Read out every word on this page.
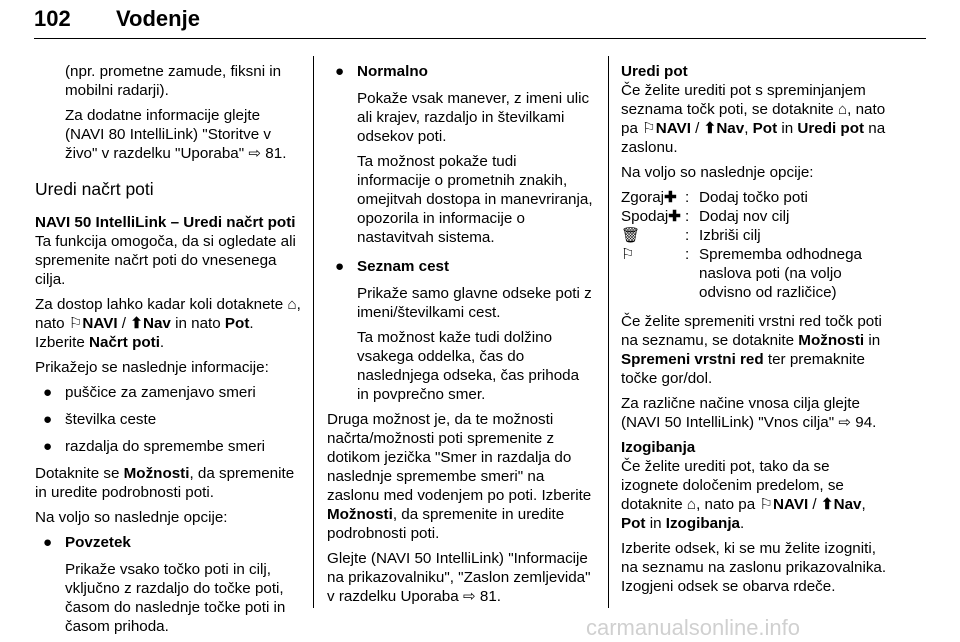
102 Vodenje

(npr. prometne zamude, fiksni in mobilni radarji).

Za dodatne informacije glejte (NAVI 80 IntelliLink) "Storitve v živo" v razdelku "Uporaba" ⇨ 81.

Uredi načrt poti
NAVI 50 IntelliLink – Uredi načrt poti

Ta funkcija omogoča, da si ogledate ali spremenite načrt poti do vnesenega cilja.

Za dostop lahko kadar koli dotaknete ⌂, nato ⚐NAVI / ⬆Nav in nato Pot. Izberite Načrt poti.

Prikažejo se naslednje informacije:

● puščice za zamenjavo smeri
● številka ceste
● razdalja do spremembe smeri

Dotaknite se Možnosti, da spremenite in uredite podrobnosti poti.

Na voljo so naslednje opcije:

● Povzetek

Prikaže vsako točko poti in cilj, vključno z razdaljo do točke poti, časom do naslednje točke poti in časom prihoda.

● Normalno

Pokaže vsak manever, z imeni ulic ali krajev, razdaljo in številkami odsekov poti.

Ta možnost pokaže tudi informacije o prometnih znakih, omejitvah dostopa in manevriranja, opozorila in informacije o nastavitvah sistema.

● Seznam cest

Prikaže samo glavne odseke poti z imeni/številkami cest.

Ta možnost kaže tudi dolžino vsakega oddelka, čas do naslednjega odseka, čas prihoda in povprečno smer.

Druga možnost je, da te možnosti načrta/možnosti poti spremenite z dotikom jezička "Smer in razdalja do naslednje spremembe smeri" na zaslonu med vodenjem po poti. Izberite Možnosti, da spremenite in uredite podrobnosti poti.

Glejte (NAVI 50 IntelliLink) "Informacije na prikazovalniku", "Zaslon zemljevida" v razdelku Uporaba ⇨ 81.

Uredi pot

Če želite urediti pot s spreminjanjem seznama točk poti, se dotaknite ⌂, nato pa ⚐NAVI / ⬆Nav, Pot in Uredi pot na zaslonu.

Na voljo so naslednje opcije:

Zgoraj✚ : Dodaj točko poti
Spodaj✚ : Dodaj nov cilj
🗑	: Izbriši cilj
⚐	: Sprememba odhodnega naslova poti (na voljo odvisno od različice)

Če želite spremeniti vrstni red točk poti na seznamu, se dotaknite Možnosti in Spremeni vrstni red ter premaknite točke gor/dol.

Za različne načine vnosa cilja glejte (NAVI 50 IntelliLink) "Vnos cilja" ⇨ 94.

Izogibanja

Če želite urediti pot, tako da se izognete določenim predelom, se dotaknite ⌂, nato pa ⚐NAVI / ⬆Nav, Pot in Izogibanja.

Izberite odsek, ki se mu želite izogniti, na seznamu na zaslonu prikazovalnika. Izogjeni odsek se obarva rdeče.

carmanualsonline.info
